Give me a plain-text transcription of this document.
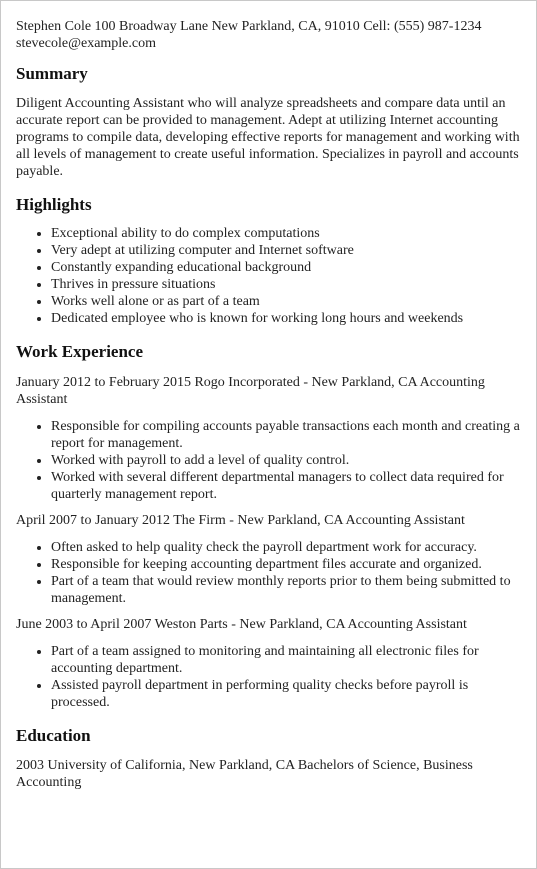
Stephen Cole 100 Broadway Lane New Parkland, CA, 91010 Cell: (555) 987-1234
stevecole@example.com
Summary

Diligent Accounting Assistant who will analyze spreadsheets and compare data until an accurate report can be provided to management. Adept at utilizing Internet accounting programs to compile data, developing effective reports for management and working with all levels of management to create useful information. Specializes in payroll and accounts payable.

Highlights
• Exceptional ability to do complex computations
• Very adept at utilizing computer and Internet software
• Constantly expanding educational background
• Thrives in pressure situations
• Works well alone or as part of a team
• Dedicated employee who is known for working long hours and weekends
Work Experience

January 2012 to February 2015 Rogo Incorporated - New Parkland, CA Accounting Assistant

• Responsible for compiling accounts payable transactions each month and creating a report for management.
• Worked with payroll to add a level of quality control.
• Worked with several different departmental managers to collect data required for quarterly management report.

April 2007 to January 2012 The Firm - New Parkland, CA Accounting Assistant

• Often asked to help quality check the payroll department work for accuracy.
• Responsible for keeping accounting department files accurate and organized.
• Part of a team that would review monthly reports prior to them being submitted to management.

June 2003 to April 2007 Weston Parts - New Parkland, CA Accounting Assistant

• Part of a team assigned to monitoring and maintaining all electronic files for accounting department.
• Assisted payroll department in performing quality checks before payroll is processed.
Education

2003 University of California, New Parkland, CA Bachelors of Science, Business Accounting
